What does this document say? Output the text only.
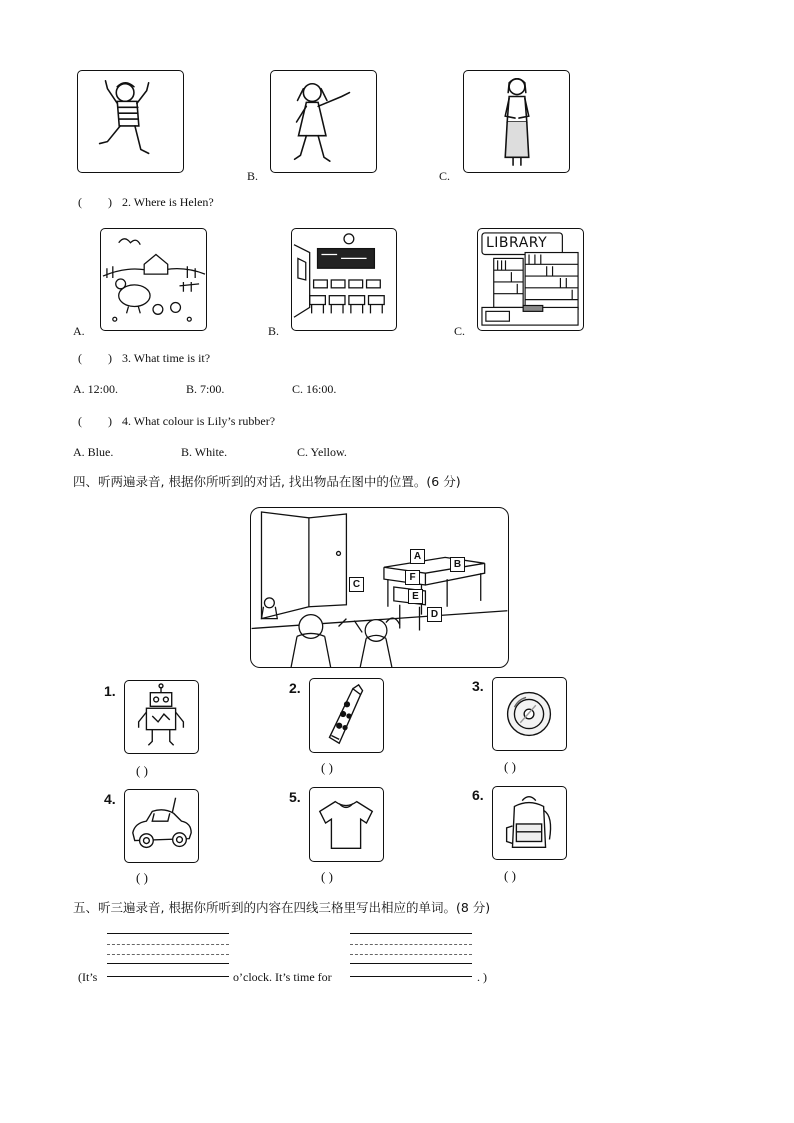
B.	C.
( ) 2. Where is Helen?
A.	B.
LIBRARY
C.
( ) 3. What time is it?
A. 12:00.	B. 7:00.	C. 16:00.
( ) 4. What colour is Lily’s rubber?
A. Blue.	B. White.	C. Yellow.
四、听两遍录音, 根据你所听到的对话, 找出物品在图中的位置。(6 分)
A
B
C
D
E
F
1.
( )
2.
( )
3.
( )
4.
( )
5.
( )
6.
( )
五、听三遍录音, 根据你所听到的内容在四线三格里写出相应的单词。(8 分)
(It’s	o’clock. It’s time for	. )
